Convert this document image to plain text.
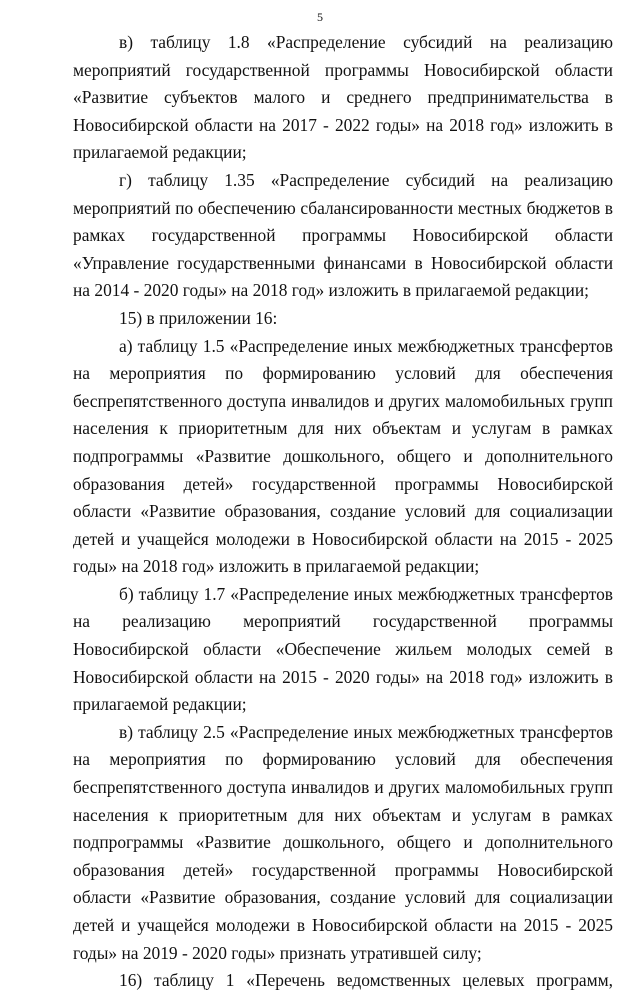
5

в) таблицу 1.8 «Распределение субсидий на реализацию мероприятий государственной программы Новосибирской области «Развитие субъектов малого и среднего предпринимательства в Новосибирской области на 2017 - 2022 годы» на 2018 год» изложить в прилагаемой редакции;

г) таблицу 1.35 «Распределение субсидий на реализацию мероприятий по обеспечению сбалансированности местных бюджетов в рамках государственной программы Новосибирской области «Управление государственными финансами в Новосибирской области на 2014 - 2020 годы» на 2018 год» изложить в прилагаемой редакции;

15) в приложении 16:

а) таблицу 1.5 «Распределение иных межбюджетных трансфертов на мероприятия по формированию условий для обеспечения беспрепятственного доступа инвалидов и других маломобильных групп населения к приоритетным для них объектам и услугам в рамках подпрограммы «Развитие дошкольного, общего и дополнительного образования детей» государственной программы Новосибирской области «Развитие образования, создание условий для социализации детей и учащейся молодежи в Новосибирской области на 2015 - 2025 годы» на 2018 год» изложить в прилагаемой редакции;

б) таблицу 1.7 «Распределение иных межбюджетных трансфертов на реализацию мероприятий государственной программы Новосибирской области «Обеспечение жильем молодых семей в Новосибирской области на 2015 - 2020 годы» на 2018 год» изложить в прилагаемой редакции;

в) таблицу 2.5 «Распределение иных межбюджетных трансфертов на мероприятия по формированию условий для обеспечения беспрепятственного доступа инвалидов и других маломобильных групп населения к приоритетным для них объектам и услугам в рамках подпрограммы «Развитие дошкольного, общего и дополнительного образования детей» государственной программы Новосибирской области «Развитие образования, создание условий для социализации детей и учащейся молодежи в Новосибирской области на 2015 - 2025 годы» на 2019 - 2020 годы» признать утратившей силу;

16) таблицу 1 «Перечень ведомственных целевых программ,
